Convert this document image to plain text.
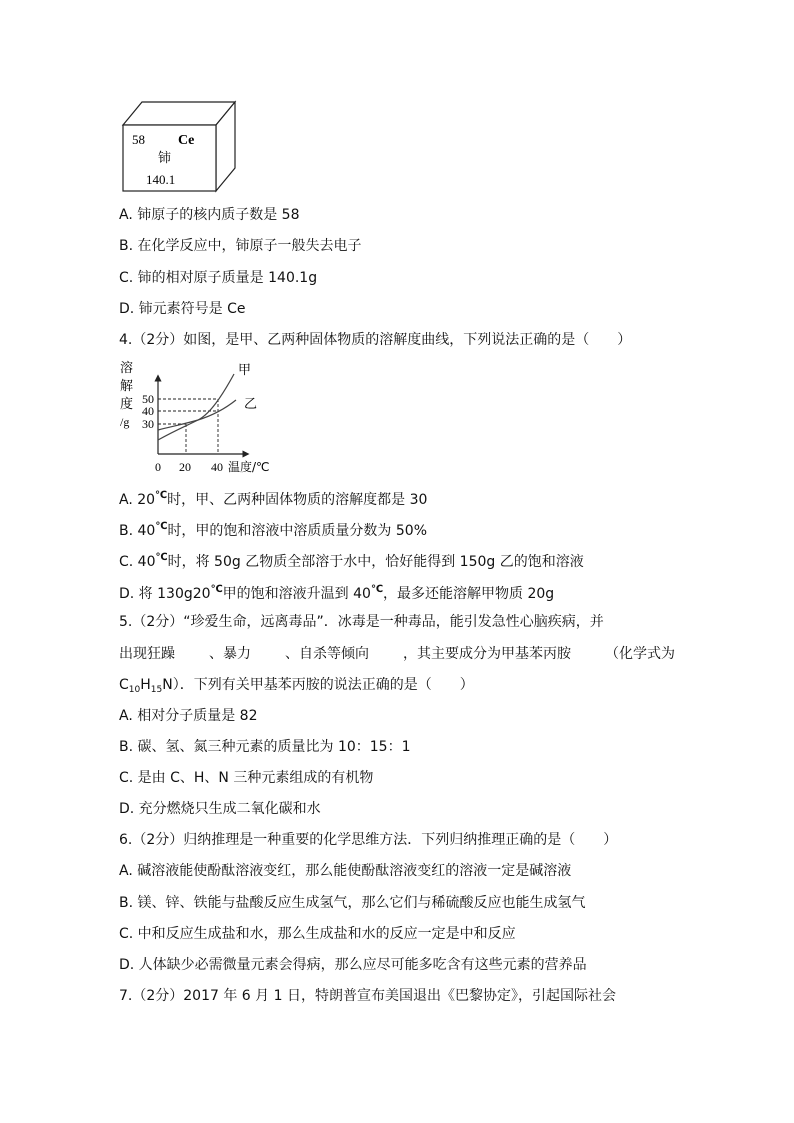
58 Ce
铈
140.1
A. 铈原子的核内质子数是 58
B. 在化学反应中，铈原子一般失去电子
C. 铈的相对原子质量是 140.1g
D. 铈元素符号是 Ce
4.（2分）如图，是甲、乙两种固体物质的溶解度曲线，下列说法正确的是（　　）
溶
解
度
/g
50
40
30
甲
乙
0 20 40 温度/℃
A. 20℃时，甲、乙两种固体物质的溶解度都是 30
B. 40℃时，甲的饱和溶液中溶质质量分数为 50%
C. 40℃时，将 50g 乙物质全部溶于水中，恰好能得到 150g 乙的饱和溶液
D. 将 130g20℃甲的饱和溶液升温到 40℃，最多还能溶解甲物质 20g
5.（2分）“珍爱生命，远离毒品”．冰毒是一种毒品，能引发急性心脑疾病，并
出现狂躁 、暴力 、自杀等倾向 ，其主要成分为甲基苯丙胺 （化学式为
$C_{10}H_{15}N$）．下列有关甲基苯丙胺的说法正确的是（　　）
A. 相对分子质量是 82
B. 碳、氢、氮三种元素的质量比为 10：15：1
C. 是由 C、H、N 三种元素组成的有机物
D. 充分燃烧只生成二氧化碳和水
6.（2分）归纳推理是一种重要的化学思维方法．下列归纳推理正确的是（　　）
A. 碱溶液能使酚酞溶液变红，那么能使酚酞溶液变红的溶液一定是碱溶液
B. 镁、锌、铁能与盐酸反应生成氢气，那么它们与稀硫酸反应也能生成氢气
C. 中和反应生成盐和水，那么生成盐和水的反应一定是中和反应
D. 人体缺少必需微量元素会得病，那么应尽可能多吃含有这些元素的营养品
7.（2分）2017 年 6 月 1 日，特朗普宣布美国退出《巴黎协定》，引起国际社会
